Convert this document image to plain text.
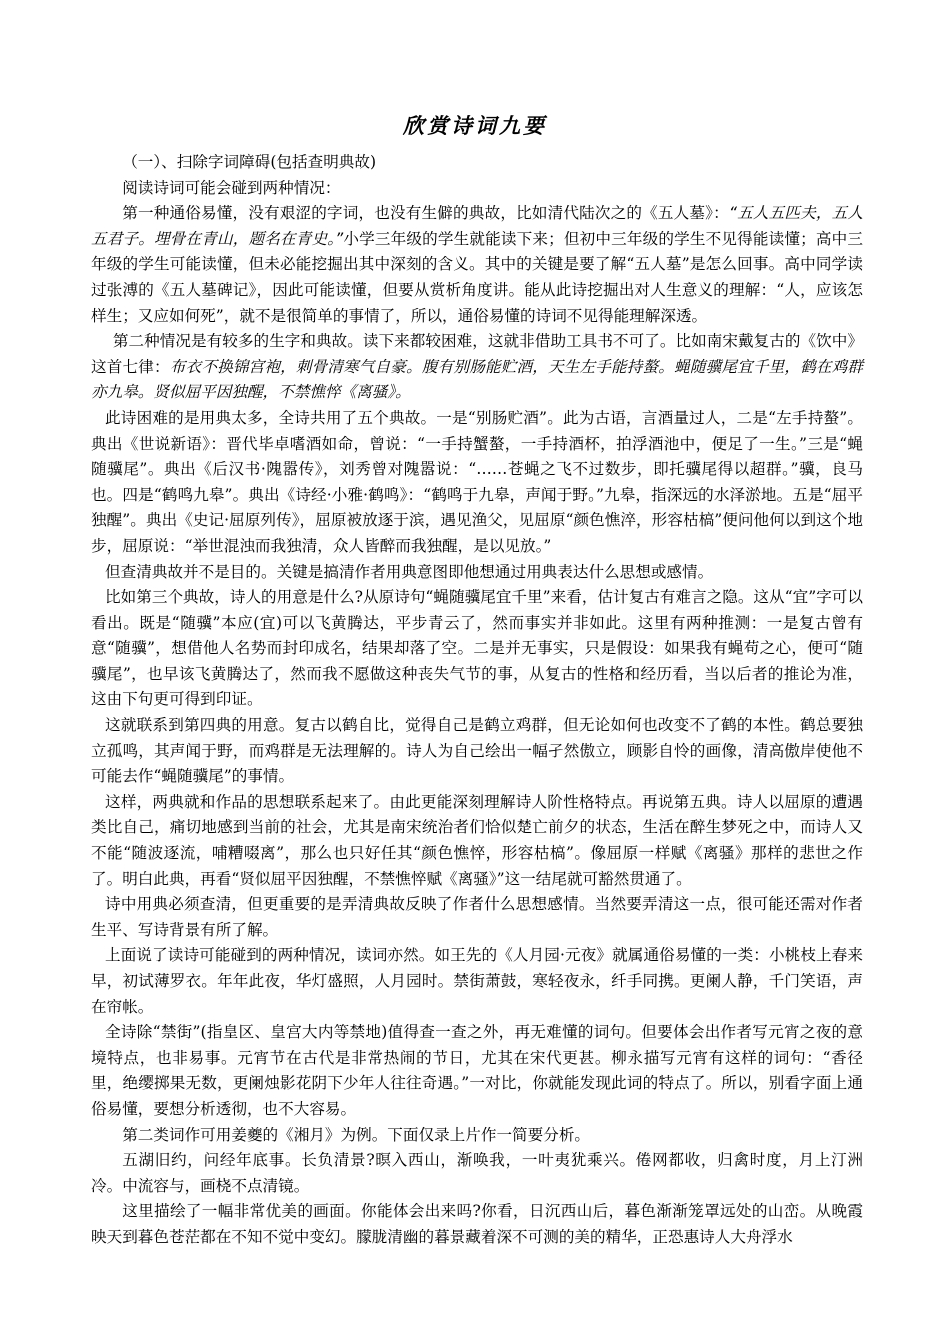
欣赏诗词九要

（一）、扫除字词障碍(包括查明典故)

阅读诗词可能会碰到两种情况：

第一种通俗易懂，没有艰涩的字词，也没有生僻的典故，比如清代陆次之的《五人墓》：“五人五匹夫，五人五君子。埋骨在青山，题名在青史。”小学三年级的学生就能读下来；但初中三年级的学生不见得能读懂；高中三年级的学生可能读懂，但未必能挖掘出其中深刻的含义。其中的关键是要了解“五人墓”是怎么回事。高中同学读过张溥的《五人墓碑记》，因此可能读懂，但要从赏析角度讲。能从此诗挖掘出对人生意义的理解：“人，应该怎样生；又应如何死”，就不是很简单的事情了，所以，通俗易懂的诗词不见得能理解深透。

第二种情况是有较多的生字和典故。读下来都较困难，这就非借助工具书不可了。比如南宋戴复古的《饮中》这首七律：布衣不换锦宫袍，刺骨清寒气自豪。腹有别肠能贮酒，天生左手能持螯。蝇随骥尾宜千里，鹤在鸡群亦九皋。贤似屈平因独醒，不禁憔悴《离骚》。

此诗困难的是用典太多，全诗共用了五个典故。一是“别肠贮酒”。此为古语，言酒量过人，二是“左手持螯”。典出《世说新语》：晋代毕卓嗜酒如命，曾说：“一手持蟹螯，一手持酒杯，拍浮酒池中，便足了一生。”三是“蝇随骥尾”。典出《后汉书·隗嚣传》，刘秀曾对隗嚣说：“……苍蝇之飞不过数步，即托骥尾得以超群。”骥，良马也。四是“鹤鸣九皋”。典出《诗经·小雅·鹤鸣》：“鹤鸣于九皋，声闻于野。”九皋，指深远的水泽淤地。五是“屈平独醒”。典出《史记·屈原列传》，屈原被放逐于滨，遇见渔父，见屈原“颜色憔淬，形容枯槁”便问他何以到这个地步，屈原说：“举世混浊而我独清，众人皆醉而我独醒，是以见放。”

但查清典故并不是目的。关键是搞清作者用典意图即他想通过用典表达什么思想或感情。

比如第三个典故，诗人的用意是什么?从原诗句“蝇随骥尾宜千里”来看，估计复古有难言之隐。这从“宜”字可以看出。既是“随骥”本应(宜)可以飞黄腾达，平步青云了，然而事实并非如此。这里有两种推测：一是复古曾有意“随骥”，想借他人名势而封印成名，结果却落了空。二是并无事实，只是假设：如果我有蝇苟之心，便可“随骥尾”，也早该飞黄腾达了，然而我不愿做这种丧失气节的事，从复古的性格和经历看，当以后者的推论为准，这由下句更可得到印证。

这就联系到第四典的用意。复古以鹤自比，觉得自己是鹤立鸡群，但无论如何也改变不了鹤的本性。鹤总要独立孤鸣，其声闻于野，而鸡群是无法理解的。诗人为自己绘出一幅孑然傲立，顾影自怜的画像，清高傲岸使他不可能去作“蝇随骥尾”的事情。

这样，两典就和作品的思想联系起来了。由此更能深刻理解诗人阶性格特点。再说第五典。诗人以屈原的遭遇类比自己，痛切地感到当前的社会，尤其是南宋统治者们恰似楚亡前夕的状态，生活在醉生梦死之中，而诗人又不能“随波逐流，哺糟啜离”，那么也只好任其“颜色憔悴，形容枯槁”。像屈原一样赋《离骚》那样的悲世之作了。明白此典，再看“贤似屈平因独醒，不禁憔悴赋《离骚》”这一结尾就可豁然贯通了。

诗中用典必须查清，但更重要的是弄清典故反映了作者什么思想感情。当然要弄清这一点，很可能还需对作者生平、写诗背景有所了解。

上面说了读诗可能碰到的两种情况，读词亦然。如王先的《人月园·元夜》就属通俗易懂的一类：小桃枝上春来早，初试薄罗衣。年年此夜，华灯盛照，人月园时。禁街萧鼓，寒轻夜永，纤手同携。更阑人静，千门笑语，声在帘帐。

全诗除“禁街”(指皇区、皇宫大内等禁地)值得查一查之外，再无难懂的词句。但要体会出作者写元宵之夜的意境特点，也非易事。元宵节在古代是非常热闹的节日，尤其在宋代更甚。柳永描写元宵有这样的词句：“香径里，绝缨掷果无数，更阑烛影花阴下少年人往往奇遇。”一对比，你就能发现此词的特点了。所以，别看字面上通俗易懂，要想分析透彻，也不大容易。

第二类词作可用姜夔的《湘月》为例。下面仅录上片作一简要分析。

五湖旧约，问经年底事。长负清景?暝入西山，渐唤我，一叶夷犹乘兴。倦网都收，归禽时度，月上汀洲冷。中流容与，画桡不点清镜。

这里描绘了一幅非常优美的画面。你能体会出来吗?你看，日沉西山后，暮色渐渐笼罩远处的山峦。从晚霞映天到暮色苍茫都在不知不觉中变幻。朦胧清幽的暮景藏着深不可测的美的精华，正恐惠诗人大舟浮水
